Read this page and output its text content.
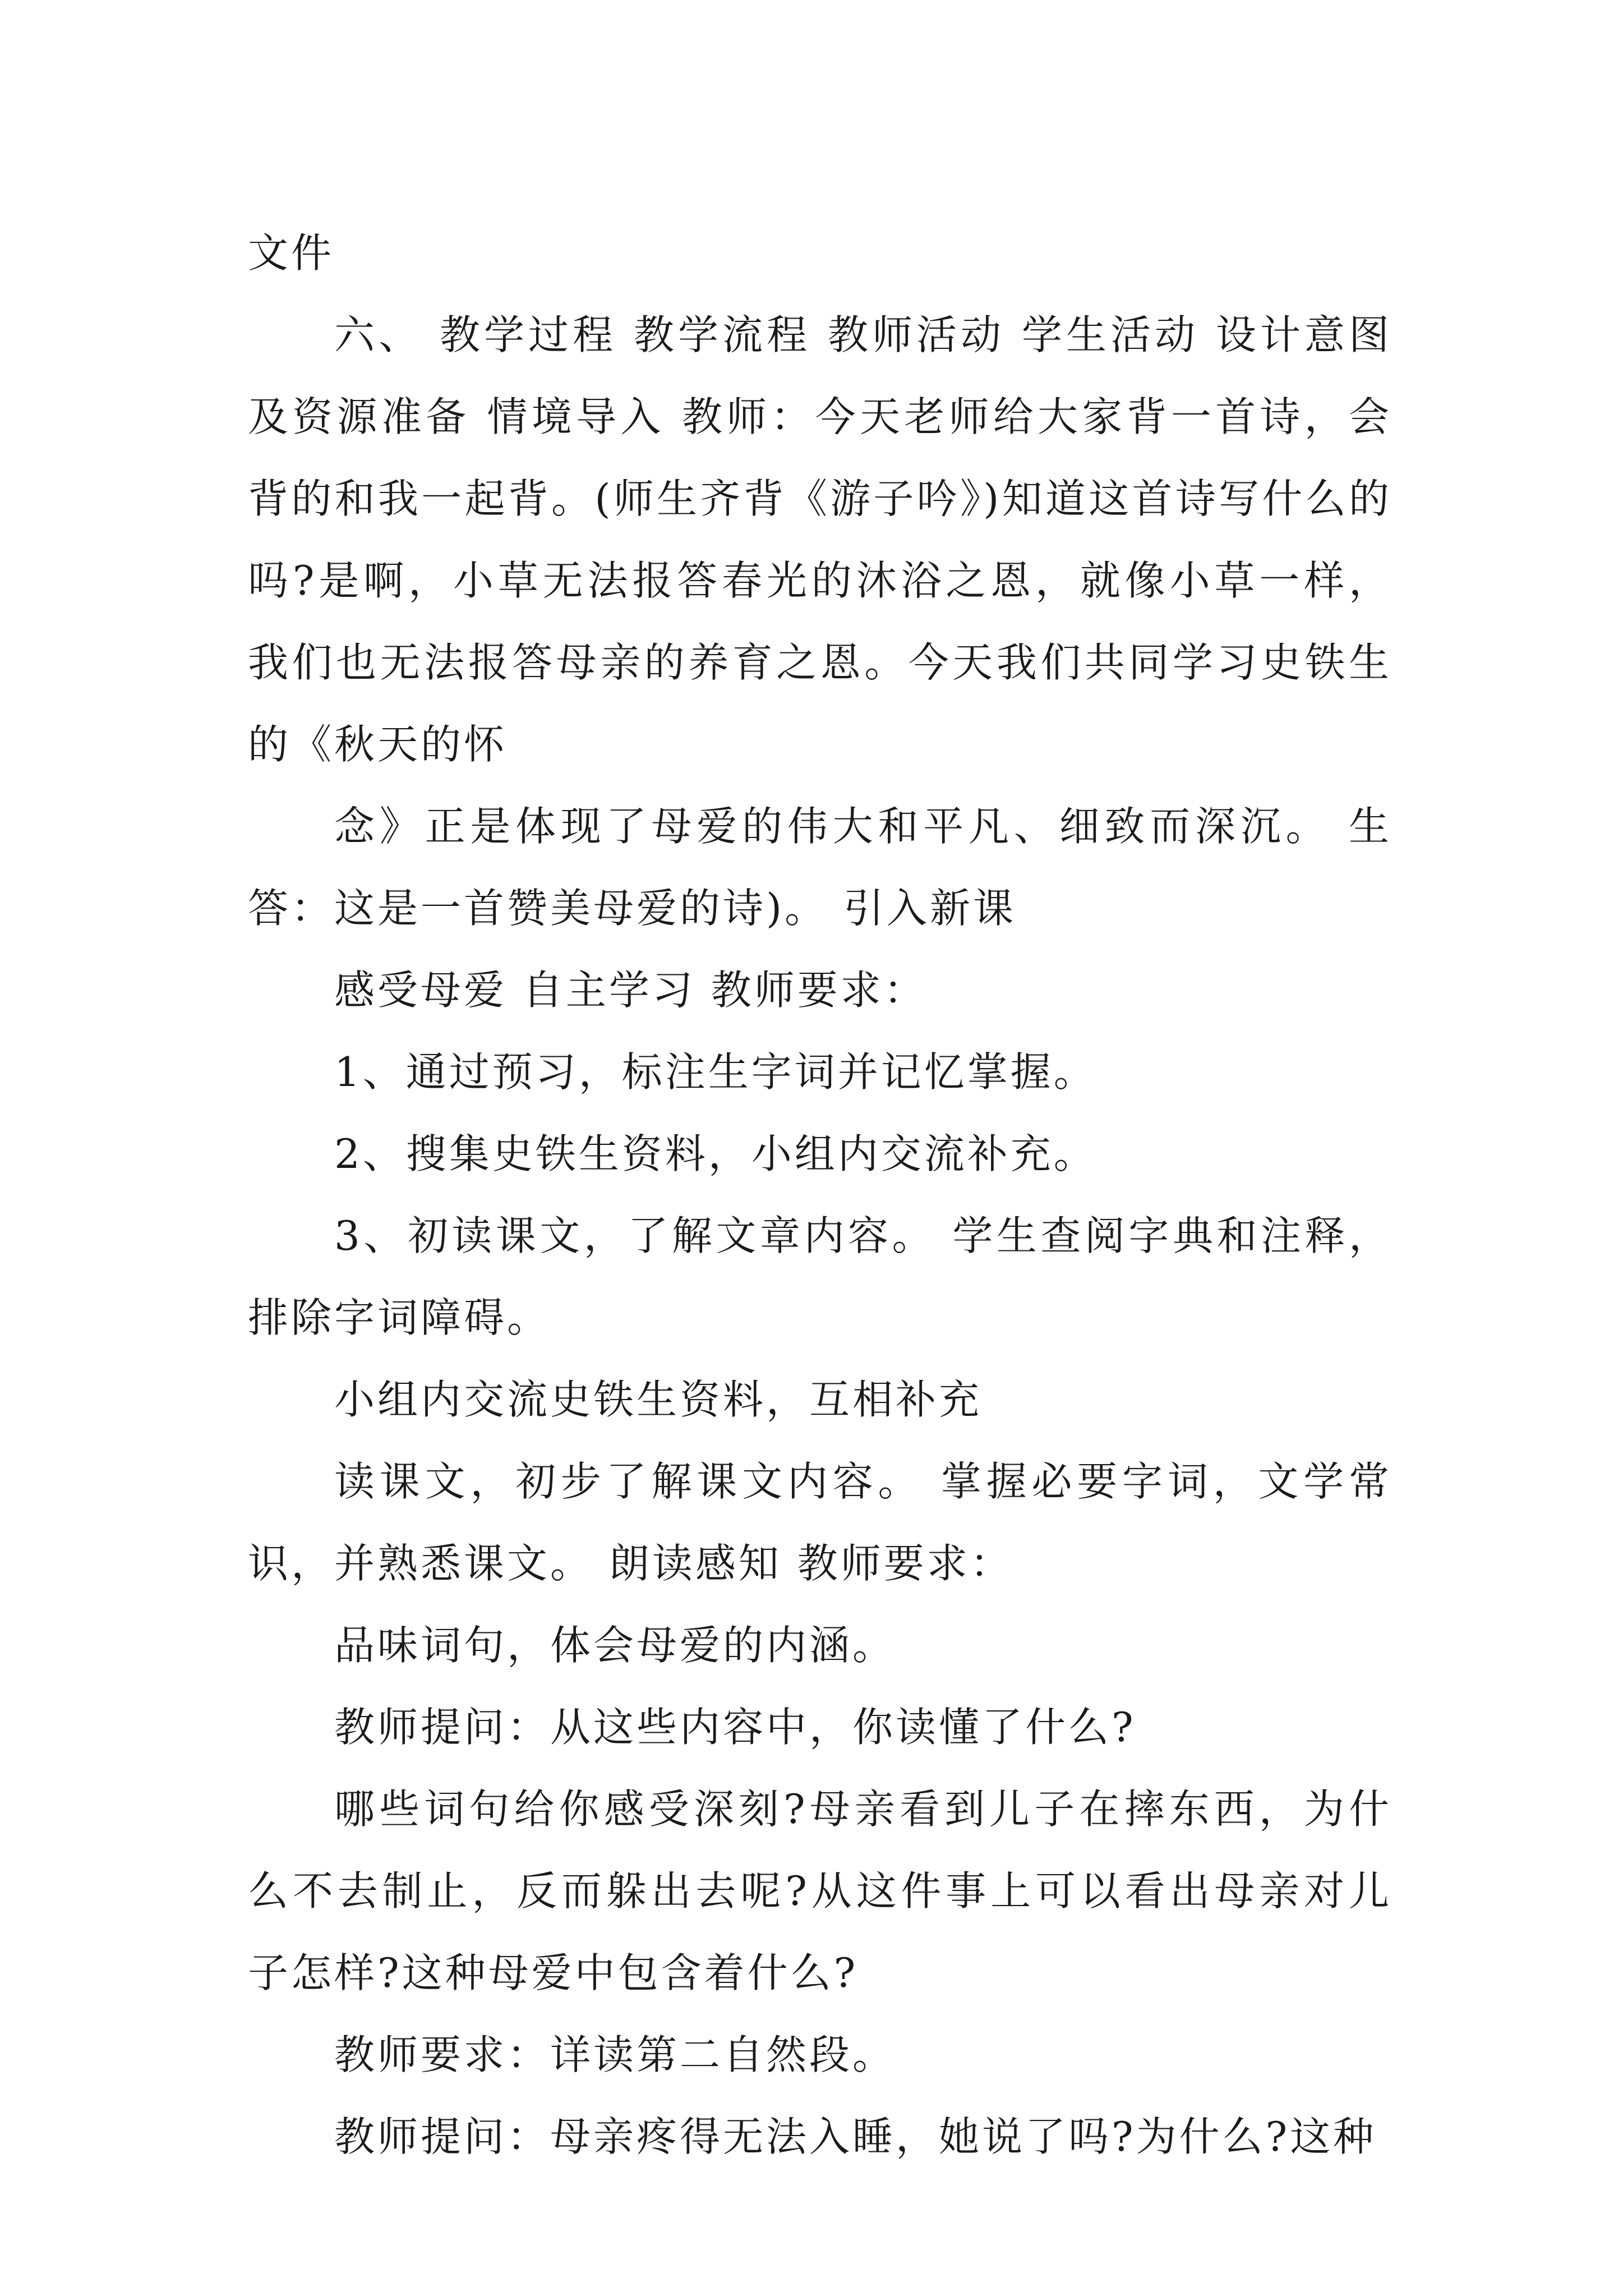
文件

六、 教学过程 教学流程 教师活动 学生活动 设计意图及资源准备 情境导入 教师：今天老师给大家背一首诗，会背的和我一起背。(师生齐背《游子吟》)知道这首诗写什么的吗?是啊，小草无法报答春光的沐浴之恩，就像小草一样，我们也无法报答母亲的养育之恩。今天我们共同学习史铁生的《秋天的怀

念》正是体现了母爱的伟大和平凡、细致而深沉。 生答：这是一首赞美母爱的诗)。 引入新课

感受母爱 自主学习 教师要求：

1、通过预习，标注生字词并记忆掌握。

2、搜集史铁生资料，小组内交流补充。

3、初读课文，了解文章内容。 学生查阅字典和注释，排除字词障碍。

小组内交流史铁生资料，互相补充

读课文，初步了解课文内容。 掌握必要字词，文学常识，并熟悉课文。 朗读感知 教师要求：

品味词句，体会母爱的内涵。

教师提问：从这些内容中，你读懂了什么?

哪些词句给你感受深刻?母亲看到儿子在摔东西，为什么不去制止，反而躲出去呢?从这件事上可以看出母亲对儿子怎样?这种母爱中包含着什么?

教师要求：详读第二自然段。

教师提问：母亲疼得无法入睡，她说了吗?为什么?这种
